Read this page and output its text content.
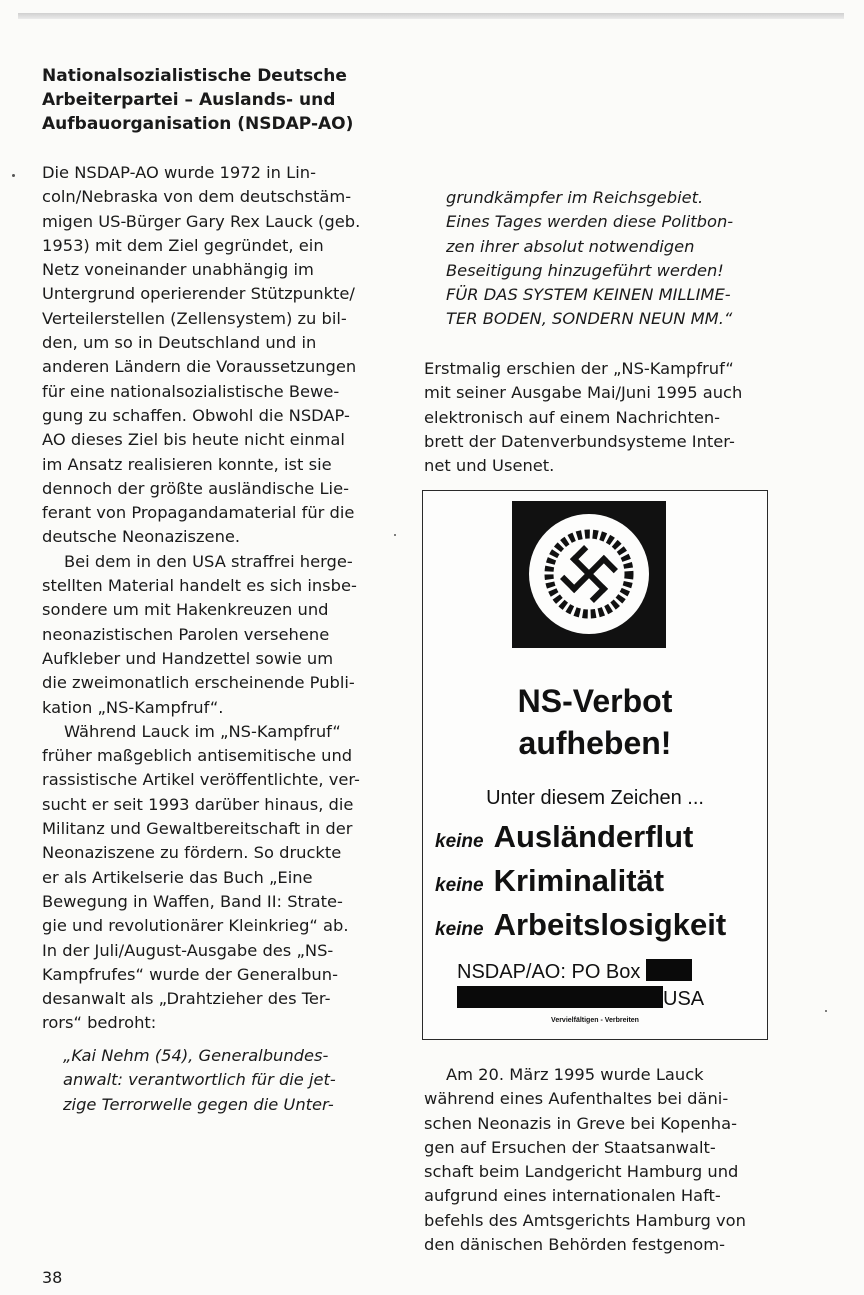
Nationalsozialistische Deutsche
Arbeiterpartei – Auslands- und
Aufbauorganisation (NSDAP-AO)

Die NSDAP-AO wurde 1972 in Lin-
coln/Nebraska von dem deutschstäm-
migen US-Bürger Gary Rex Lauck (geb.
1953) mit dem Ziel gegründet, ein
Netz voneinander unabhängig im
Untergrund operierender Stützpunkte/
Verteilerstellen (Zellensystem) zu bil-
den, um so in Deutschland und in
anderen Ländern die Voraussetzungen
für eine nationalsozialistische Bewe-
gung zu schaffen. Obwohl die NSDAP-
AO dieses Ziel bis heute nicht einmal
im Ansatz realisieren konnte, ist sie
dennoch der größte ausländische Lie-
ferant von Propagandamaterial für die
deutsche Neonaziszene.

Bei dem in den USA straffrei herge-
stellten Material handelt es sich insbe-
sondere um mit Hakenkreuzen und
neonazistischen Parolen versehene
Aufkleber und Handzettel sowie um
die zweimonatlich erscheinende Publi-
kation „NS-Kampfruf“.

Während Lauck im „NS-Kampfruf“
früher maßgeblich antisemitische und
rassistische Artikel veröffentlichte, ver-
sucht er seit 1993 darüber hinaus, die
Militanz und Gewaltbereitschaft in der
Neonaziszene zu fördern. So druckte
er als Artikelserie das Buch „Eine
Bewegung in Waffen, Band II: Strate-
gie und revolutionärer Kleinkrieg“ ab.
In der Juli/August-Ausgabe des „NS-
Kampfrufes“ wurde der Generalbun-
desanwalt als „Drahtzieher des Ter-
rors“ bedroht:

„Kai Nehm (54), Generalbundes-
anwalt: verantwortlich für die jet-
zige Terrorwelle gegen die Unter-
grundkämpfer im Reichsgebiet.
Eines Tages werden diese Politbon-
zen ihrer absolut notwendigen
Beseitigung hinzugeführt werden!
FÜR DAS SYSTEM KEINEN MILLIME-
TER BODEN, SONDERN NEUN MM.“
Erstmalig erschien der „NS-Kampfruf“
mit seiner Ausgabe Mai/Juni 1995 auch
elektronisch auf einem Nachrichten-
brett der Datenverbundsysteme Inter-
net und Usenet.
NS-Verbot
aufheben!
Unter diesem Zeichen ...
keine Ausländerflut
keine Kriminalität
keine Arbeitslosigkeit
NSDAP/AO: PO Box
USA
Vervielfältigen - Verbreiten
Am 20. März 1995 wurde Lauck
während eines Aufenthaltes bei däni-
schen Neonazis in Greve bei Kopenha-
gen auf Ersuchen der Staatsanwalt-
schaft beim Landgericht Hamburg und
aufgrund eines internationalen Haft-
befehls des Amtsgerichts Hamburg von
den dänischen Behörden festgenom-
38
